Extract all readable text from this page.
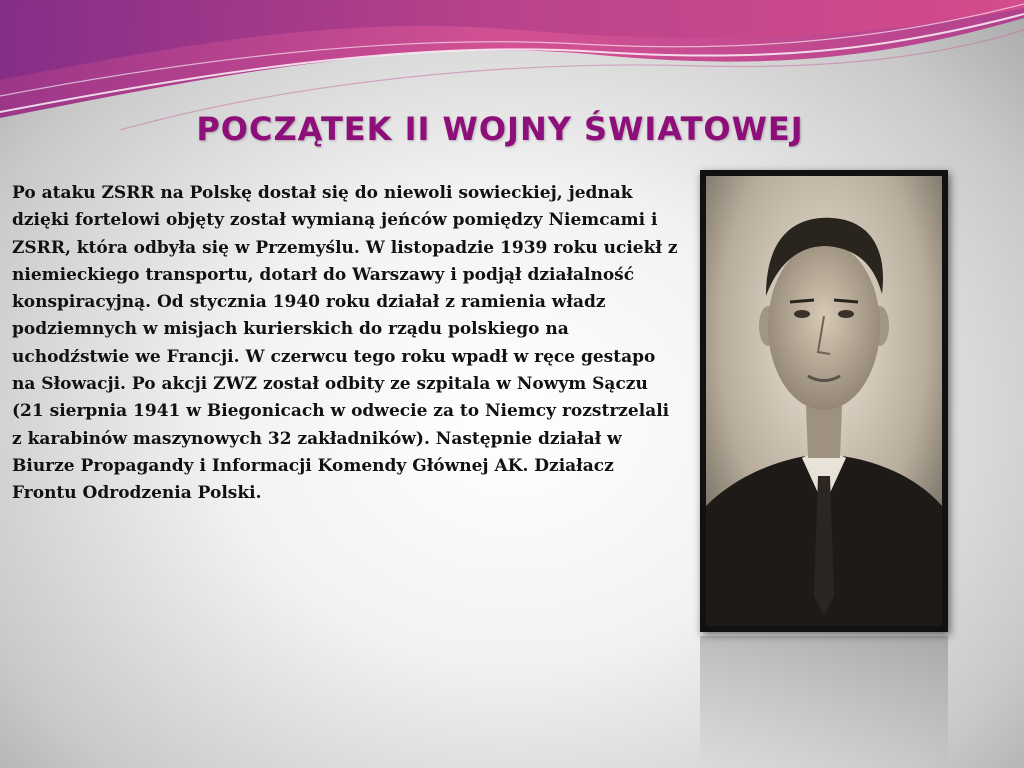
POCZĄTEK II WOJNY ŚWIATOWEJ
Po ataku ZSRR na Polskę dostał się do niewoli sowieckiej, jednak dzięki fortelowi objęty został wymianą jeńców pomiędzy Niemcami i ZSRR, która odbyła się w Przemyślu. W listopadzie 1939 roku uciekł z niemieckiego transportu, dotarł do Warszawy i podjął działalność konspiracyjną. Od stycznia 1940 roku działał z ramienia władz podziemnych w misjach kurierskich do rządu polskiego na uchodźstwie we Francji. W czerwcu tego roku wpadł w ręce gestapo na Słowacji. Po akcji ZWZ został odbity ze szpitala w Nowym Sączu (21 sierpnia 1941 w Biegonicach w odwecie za to Niemcy rozstrzelali z karabinów maszynowych 32 zakładników). Następnie działał w Biurze Propagandy i Informacji Komendy Głównej AK. Działacz Frontu Odrodzenia Polski.
